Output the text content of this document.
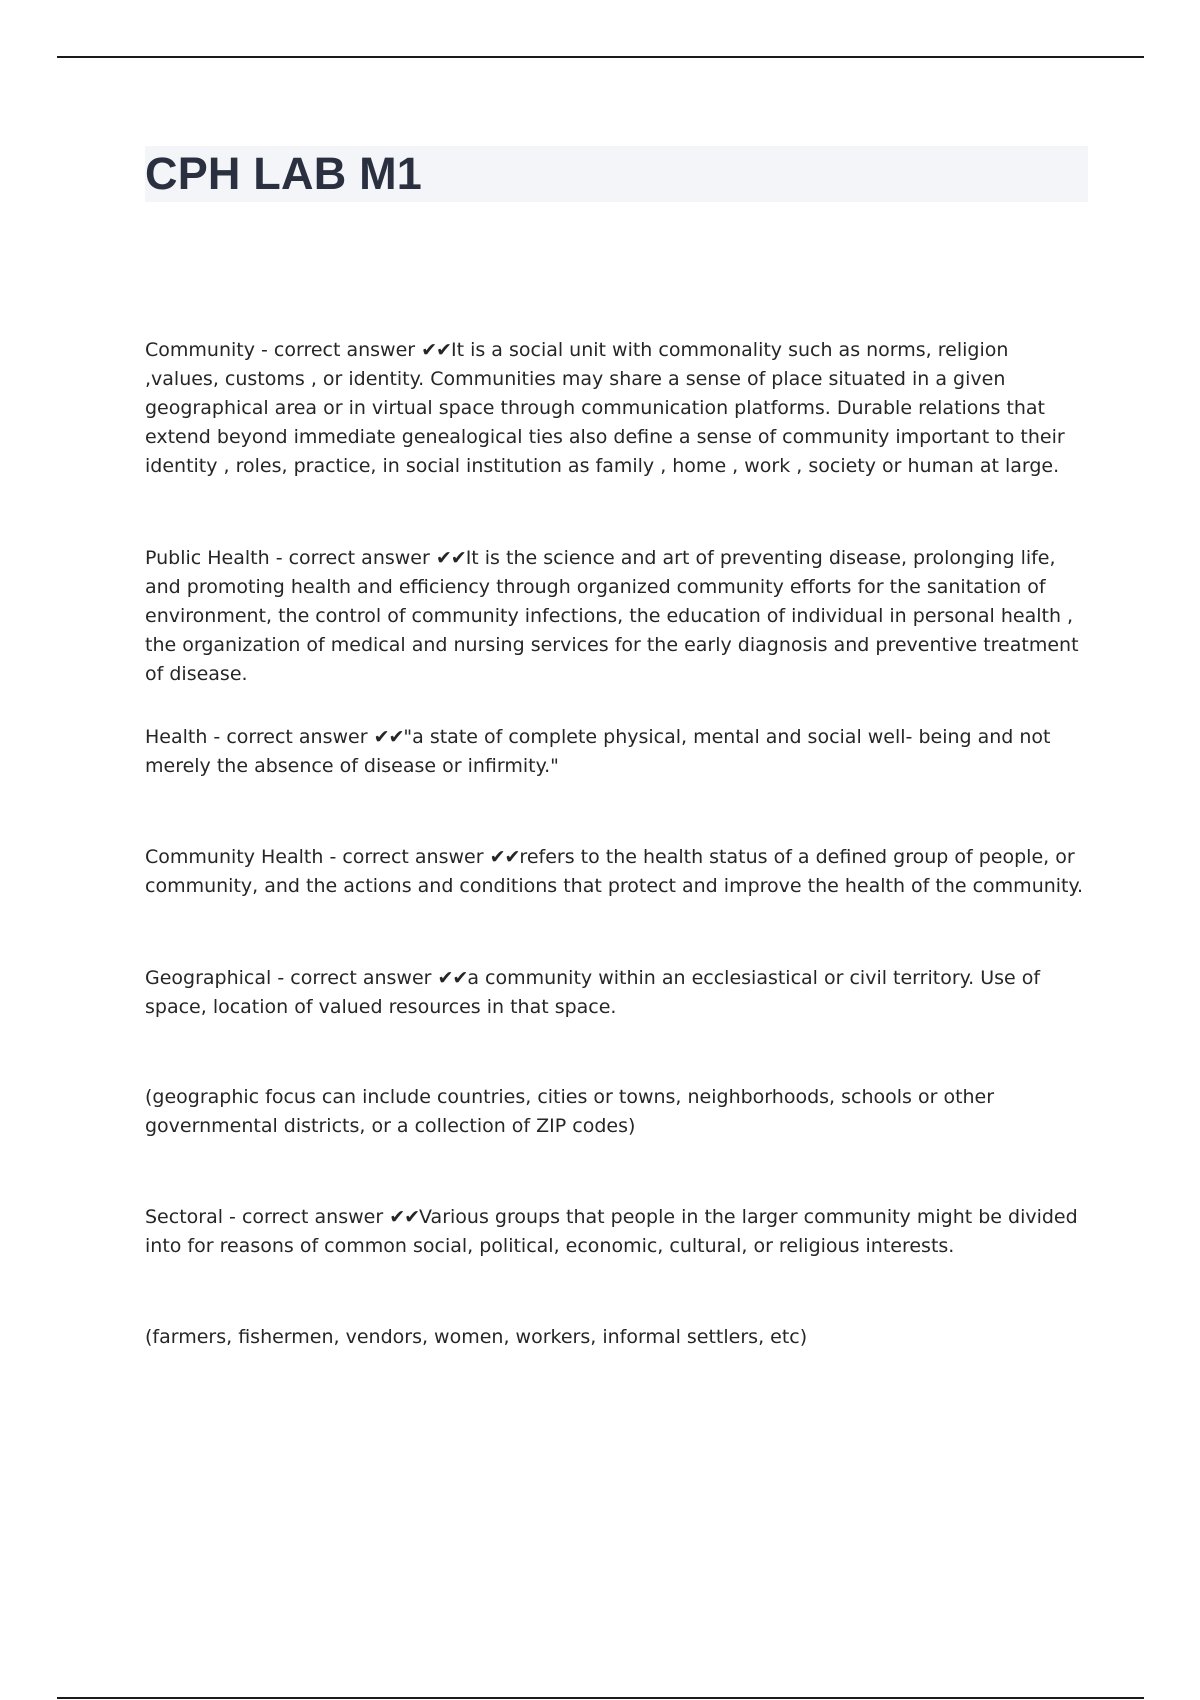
CPH LAB M1

Community - correct answer ✔✔It is a social unit with commonality such as norms, religion ,values, customs , or identity. Communities may share a sense of place situated in a given geographical area or in virtual space through communication platforms. Durable relations that extend beyond immediate genealogical ties also define a sense of community important to their identity , roles, practice, in social institution as family , home , work , society or human at large.

Public Health - correct answer ✔✔It is the science and art of preventing disease, prolonging life, and promoting health and efficiency through organized community efforts for the sanitation of environment, the control of community infections, the education of individual in personal health , the organization of medical and nursing services for the early diagnosis and preventive treatment of disease.

Health - correct answer ✔✔"a state of complete physical, mental and social well- being and not merely the absence of disease or infirmity."

Community Health - correct answer ✔✔refers to the health status of a defined group of people, or community, and the actions and conditions that protect and improve the health of the community.

Geographical - correct answer ✔✔a community within an ecclesiastical or civil territory. Use of space, location of valued resources in that space.

(geographic focus can include countries, cities or towns, neighborhoods, schools or other governmental districts, or a collection of ZIP codes)

Sectoral - correct answer ✔✔Various groups that people in the larger community might be divided into for reasons of common social, political, economic, cultural, or religious interests.

(farmers, fishermen, vendors, women, workers, informal settlers, etc)
